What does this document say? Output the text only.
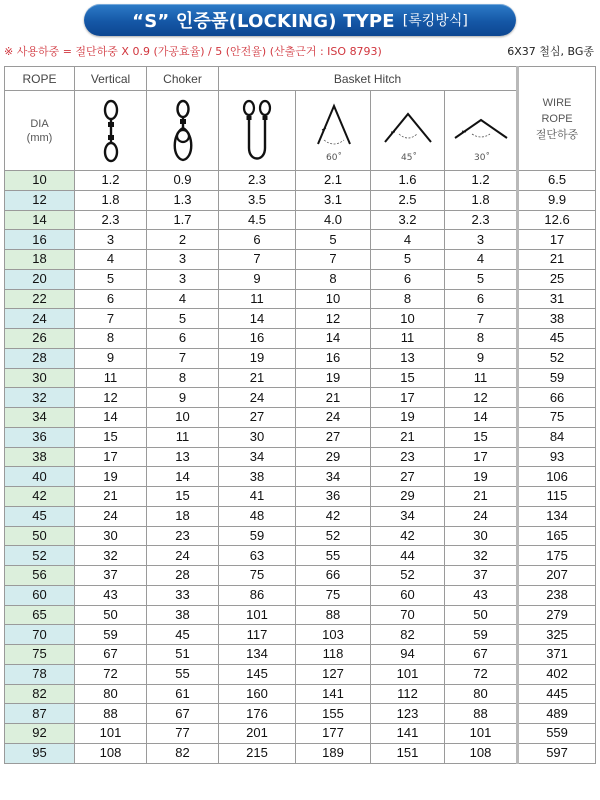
“S” 인증품(LOCKING) TYPE [록킹방식]
※ 사용하중 = 절단하중 X 0.9 (가공효율) / 5 (안전율) (산출근거 : ISO 8793)	6X37 철심, BG종
ROPE	Vertical	Choker	Basket Hitch				WIRE
ROPE
절단하중

DIA
(mm)				60˚	45˚	30˚	

10	1.2	0.9	2.3	2.1	1.6	1.2	6.5
12	1.8	1.3	3.5	3.1	2.5	1.8	9.9
14	2.3	1.7	4.5	4.0	3.2	2.3	12.6
16	3	2	6	5	4	3	17
18	4	3	7	7	5	4	21
20	5	3	9	8	6	5	25
22	6	4	11	10	8	6	31
24	7	5	14	12	10	7	38
26	8	6	16	14	11	8	45
28	9	7	19	16	13	9	52
30	11	8	21	19	15	11	59
32	12	9	24	21	17	12	66
34	14	10	27	24	19	14	75
36	15	11	30	27	21	15	84
38	17	13	34	29	23	17	93
40	19	14	38	34	27	19	106
42	21	15	41	36	29	21	115
45	24	18	48	42	34	24	134
50	30	23	59	52	42	30	165
52	32	24	63	55	44	32	175
56	37	28	75	66	52	37	207
60	43	33	86	75	60	43	238
65	50	38	101	88	70	50	279
70	59	45	117	103	82	59	325
75	67	51	134	118	94	67	371
78	72	55	145	127	101	72	402
82	80	61	160	141	112	80	445
87	88	67	176	155	123	88	489
92	101	77	201	177	141	101	559
95	108	82	215	189	151	108	597
